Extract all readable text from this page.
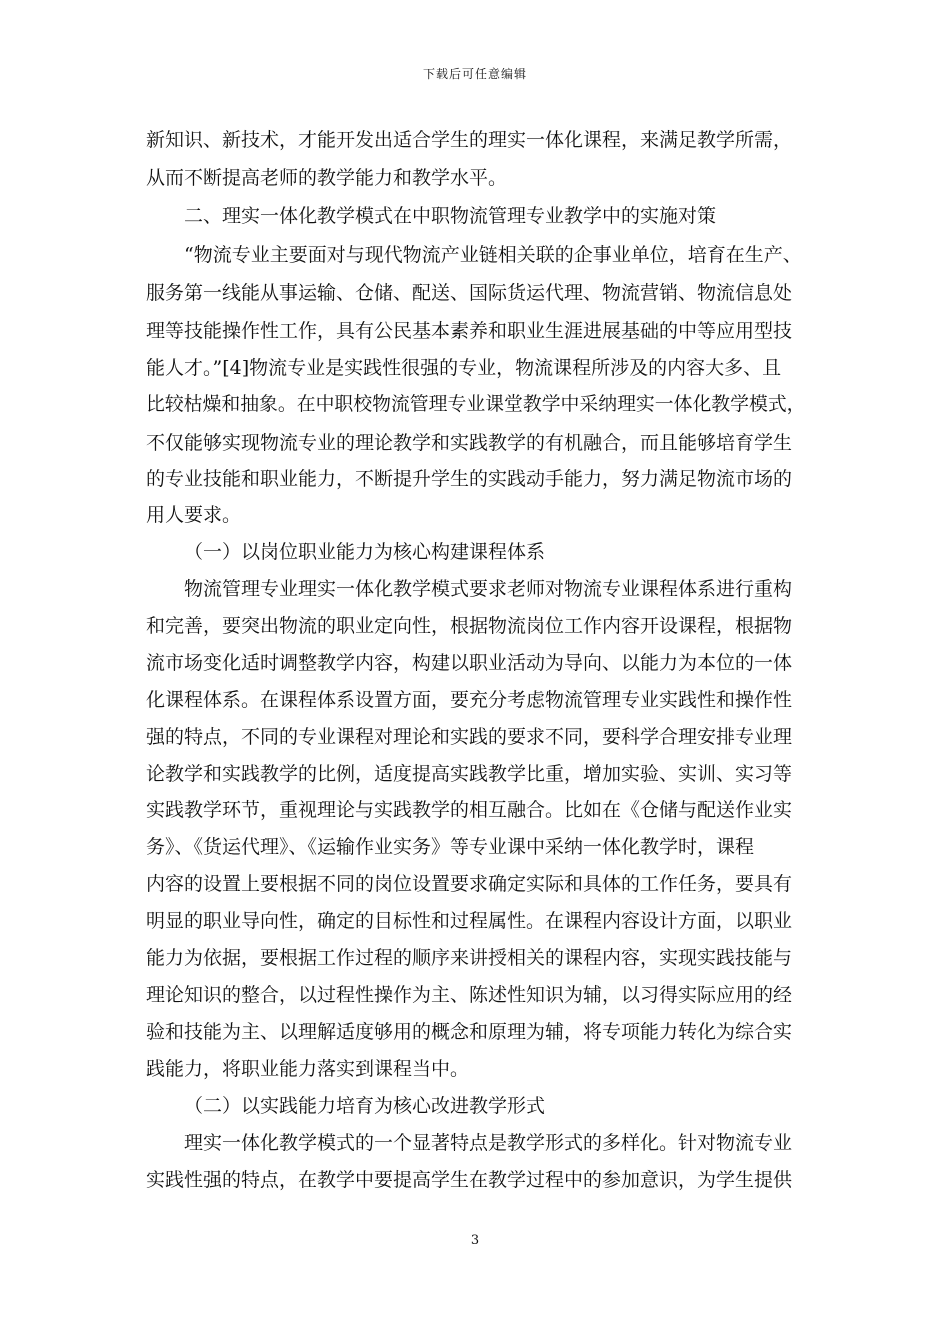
下载后可任意编辑
新知识、新技术，才能开发出适合学生的理实一体化课程，来满足教学所需，
从而不断提高老师的教学能力和教学水平。
二、理实一体化教学模式在中职物流管理专业教学中的实施对策
“物流专业主要面对与现代物流产业链相关联的企事业单位，培育在生产、
服务第一线能从事运输、仓储、配送、国际货运代理、物流营销、物流信息处
理等技能操作性工作，具有公民基本素养和职业生涯进展基础的中等应用型技
能人才。”[4]物流专业是实践性很强的专业，物流课程所涉及的内容大多、且
比较枯燥和抽象。在中职校物流管理专业课堂教学中采纳理实一体化教学模式，
不仅能够实现物流专业的理论教学和实践教学的有机融合，而且能够培育学生
的专业技能和职业能力，不断提升学生的实践动手能力，努力满足物流市场的
用人要求。
（一）以岗位职业能力为核心构建课程体系
物流管理专业理实一体化教学模式要求老师对物流专业课程体系进行重构
和完善，要突出物流的职业定向性，根据物流岗位工作内容开设课程，根据物
流市场变化适时调整教学内容，构建以职业活动为导向、以能力为本位的一体
化课程体系。在课程体系设置方面，要充分考虑物流管理专业实践性和操作性
强的特点，不同的专业课程对理论和实践的要求不同，要科学合理安排专业理
论教学和实践教学的比例，适度提高实践教学比重，增加实验、实训、实习等
实践教学环节，重视理论与实践教学的相互融合。比如在《仓储与配送作业实
务》、《货运代理》、《运输作业实务》等专业课中采纳一体化教学时，课程
内容的设置上要根据不同的岗位设置要求确定实际和具体的工作任务，要具有
明显的职业导向性，确定的目标性和过程属性。在课程内容设计方面，以职业
能力为依据，要根据工作过程的顺序来讲授相关的课程内容，实现实践技能与
理论知识的整合，以过程性操作为主、陈述性知识为辅，以习得实际应用的经
验和技能为主、以理解适度够用的概念和原理为辅，将专项能力转化为综合实
践能力，将职业能力落实到课程当中。
（二）以实践能力培育为核心改进教学形式
理实一体化教学模式的一个显著特点是教学形式的多样化。针对物流专业
实践性强的特点，在教学中要提高学生在教学过程中的参加意识，为学生提供
3
